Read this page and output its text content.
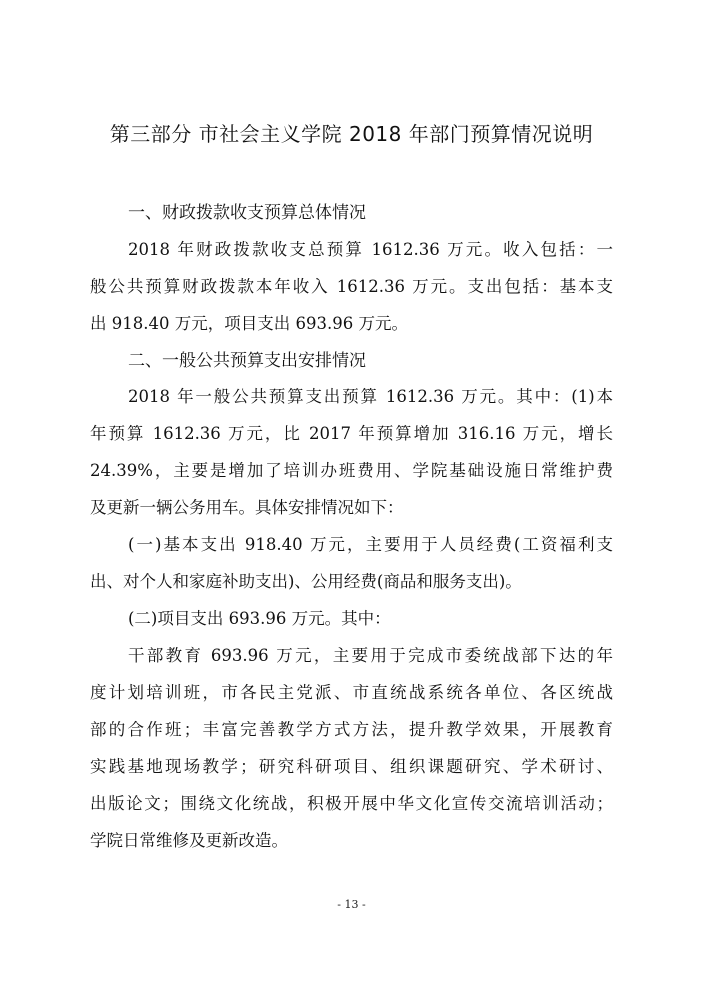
第三部分 市社会主义学院 2018 年部门预算情况说明
一、财政拨款收支预算总体情况
2018 年财政拨款收支总预算 1612.36 万元。收入包括：一
般公共预算财政拨款本年收入 1612.36 万元。支出包括：基本支
出 918.40 万元，项目支出 693.96 万元。
二、一般公共预算支出安排情况
2018 年一般公共预算支出预算 1612.36 万元。其中：(1)本
年预算 1612.36 万元，比 2017 年预算增加 316.16 万元，增长
24.39%，主要是增加了培训办班费用、学院基础设施日常维护费
及更新一辆公务用车。具体安排情况如下：
(一)基本支出 918.40 万元，主要用于人员经费(工资福利支
出、对个人和家庭补助支出)、公用经费(商品和服务支出)。
(二)项目支出 693.96 万元。其中：
干部教育 693.96 万元，主要用于完成市委统战部下达的年
度计划培训班，市各民主党派、市直统战系统各单位、各区统战
部的合作班；丰富完善教学方式方法，提升教学效果，开展教育
实践基地现场教学；研究科研项目、组织课题研究、学术研讨、
出版论文；围绕文化统战，积极开展中华文化宣传交流培训活动；
学院日常维修及更新改造。
- 13 -
